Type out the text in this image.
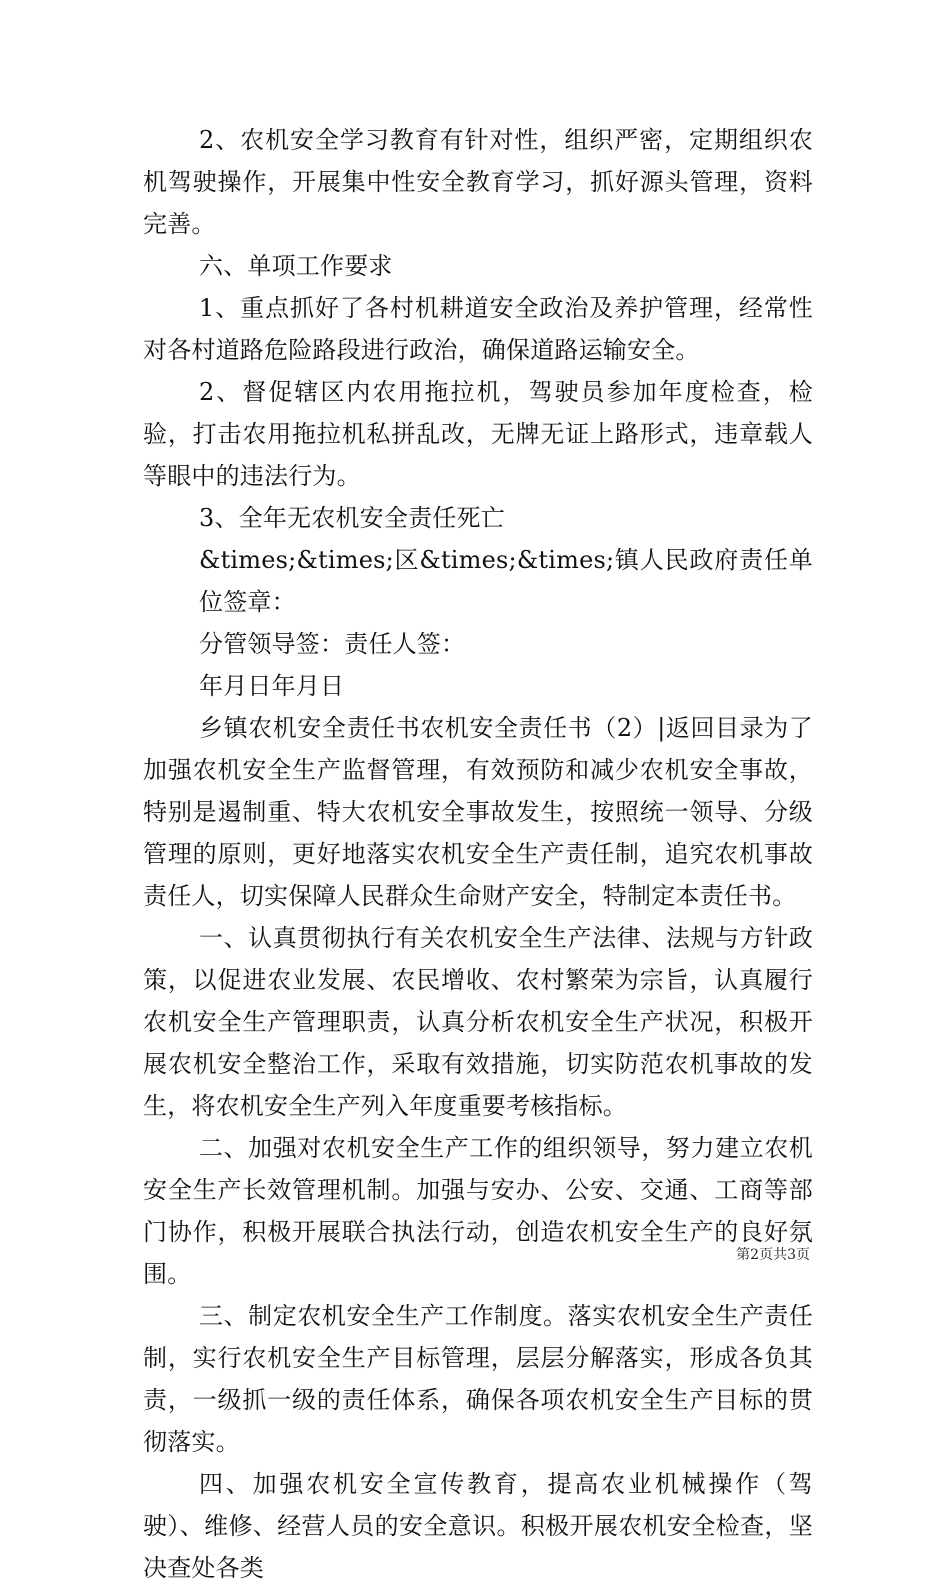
2、农机安全学习教育有针对性，组织严密，定期组织农机驾驶操作，开展集中性安全教育学习，抓好源头管理，资料完善。

六、单项工作要求

1、重点抓好了各村机耕道安全政治及养护管理，经常性对各村道路危险路段进行政治，确保道路运输安全。

2、督促辖区内农用拖拉机，驾驶员参加年度检查，检验，打击农用拖拉机私拼乱改，无牌无证上路形式，违章载人等眼中的违法行为。

3、全年无农机安全责任死亡

&times;&times;区&times;&times;镇人民政府责任单位签章：

分管领导签：责任人签：

年月日年月日

乡镇农机安全责任书农机安全责任书（2）|返回目录为了加强农机安全生产监督管理，有效预防和减少农机安全事故，特别是遏制重、特大农机安全事故发生，按照统一领导、分级管理的原则，更好地落实农机安全生产责任制，追究农机事故责任人，切实保障人民群众生命财产安全，特制定本责任书。

一、认真贯彻执行有关农机安全生产法律、法规与方针政策，以促进农业发展、农民增收、农村繁荣为宗旨，认真履行农机安全生产管理职责，认真分析农机安全生产状况，积极开展农机安全整治工作，采取有效措施，切实防范农机事故的发生，将农机安全生产列入年度重要考核指标。

二、加强对农机安全生产工作的组织领导，努力建立农机安全生产长效管理机制。加强与安办、公安、交通、工商等部门协作，积极开展联合执法行动，创造农机安全生产的良好氛围。

三、制定农机安全生产工作制度。落实农机安全生产责任制，实行农机安全生产目标管理，层层分解落实，形成各负其责，一级抓一级的责任体系，确保各项农机安全生产目标的贯彻落实。

四、加强农机安全宣传教育，提高农业机械操作（驾驶）、维修、经营人员的安全意识。积极开展农机安全检查，坚决查处各类

第2页共3页
